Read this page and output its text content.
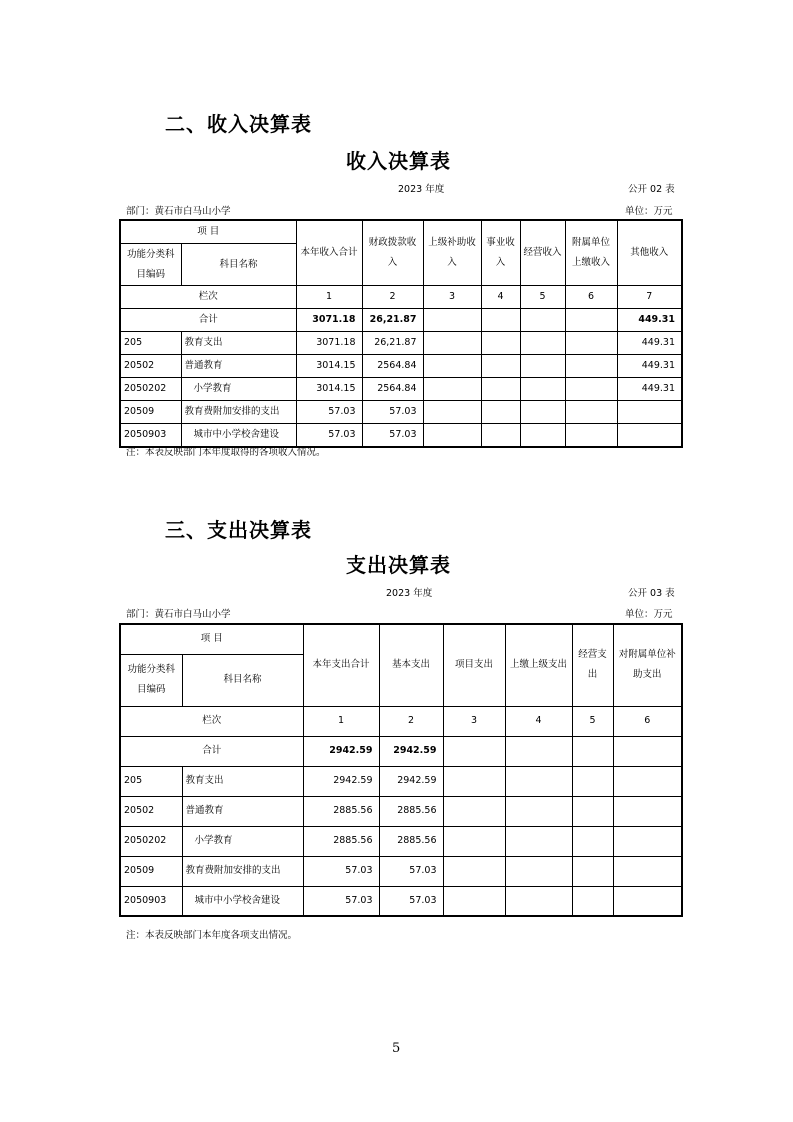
二、收入决算表
收入决算表
2023 年度	公开 02 表
部门：黄石市白马山小学	单位：万元
项 目		本年收入合计	财政拨款收入	上级补助收入	事业收入	经营收入	附属单位上缴收入	其他收入
功能分类科目编码	科目名称							
栏次		1	2	3	4	5	6	7
合计		3071.18	26,21.87					449.31
205	教育支出	3071.18	26,21.87					449.31
20502	普通教育	3014.15	2564.84					449.31
2050202	小学教育	3014.15	2564.84					449.31
20509	教育费附加安排的支出	57.03	57.03					
2050903	城市中小学校舍建设	57.03	57.03					
注：本表反映部门本年度取得的各项收入情况。
三、支出决算表
支出决算表
2023 年度	公开 03 表
部门：黄石市白马山小学	单位：万元
项 目		本年支出合计	基本支出	项目支出	上缴上级支出	经营支出	对附属单位补助支出
功能分类科目编码	科目名称						
栏次		1	2	3	4	5	6
合计		2942.59	2942.59				
205	教育支出	2942.59	2942.59				
20502	普通教育	2885.56	2885.56				
2050202	小学教育	2885.56	2885.56				
20509	教育费附加安排的支出	57.03	57.03				
2050903	城市中小学校舍建设	57.03	57.03				
注：本表反映部门本年度各项支出情况。
5
